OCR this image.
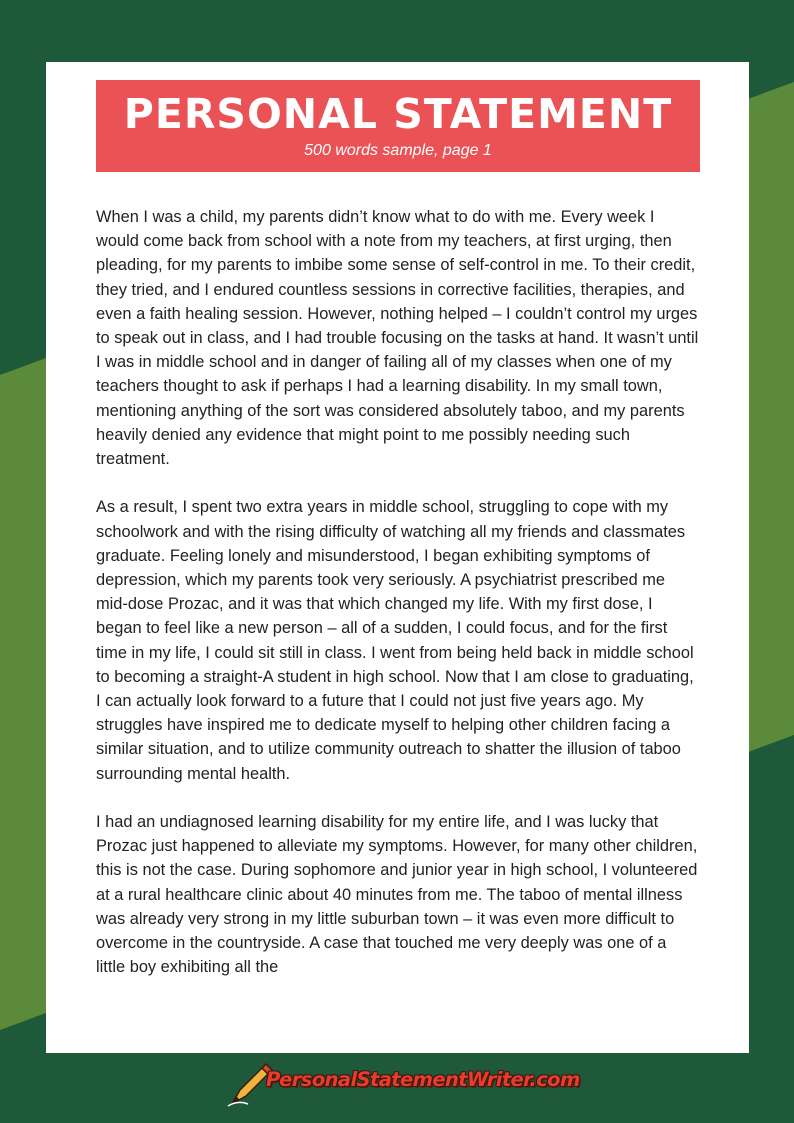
PERSONAL STATEMENT
500 words sample, page 1

When I was a child, my parents didn’t know what to do with me. Every week I would come back from school with a note from my teachers, at first urging, then pleading, for my parents to imbibe some sense of self-control in me. To their credit, they tried, and I endured countless sessions in corrective facilities, therapies, and even a faith healing session. However, nothing helped – I couldn’t control my urges to speak out in class, and I had trouble focusing on the tasks at hand. It wasn’t until I was in middle school and in danger of failing all of my classes when one of my teachers thought to ask if perhaps I had a learning disability. In my small town, mentioning anything of the sort was considered absolutely taboo, and my parents heavily denied any evidence that might point to me possibly needing such treatment.

As a result, I spent two extra years in middle school, struggling to cope with my schoolwork and with the rising difficulty of watching all my friends and classmates graduate. Feeling lonely and misunderstood, I began exhibiting symptoms of depression, which my parents took very seriously. A psychiatrist prescribed me mid-dose Prozac, and it was that which changed my life. With my first dose, I began to feel like a new person – all of a sudden, I could focus, and for the first time in my life, I could sit still in class. I went from being held back in middle school to becoming a straight-A student in high school. Now that I am close to graduating, I can actually look forward to a future that I could not just five years ago. My struggles have inspired me to dedicate myself to helping other children facing a similar situation, and to utilize community outreach to shatter the illusion of taboo surrounding mental health.

I had an undiagnosed learning disability for my entire life, and I was lucky that Prozac just happened to alleviate my symptoms. However, for many other children, this is not the case. During sophomore and junior year in high school, I volunteered at a rural healthcare clinic about 40 minutes from me. The taboo of mental illness was already very strong in my little suburban town – it was even more difficult to overcome in the countryside. A case that touched me very deeply was one of a little boy exhibiting all the

PersonalStatementWriter.com
